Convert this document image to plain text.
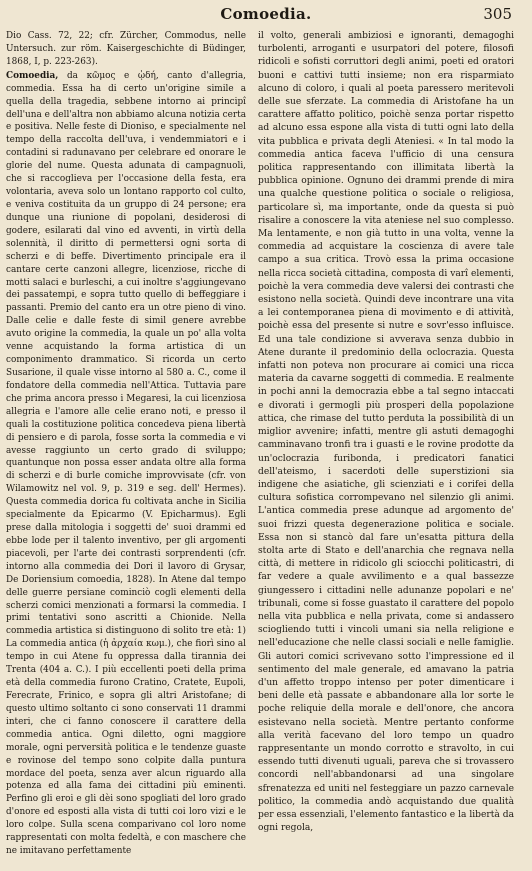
Comoedia.	305

Dio Cass. 72, 22; cfr. Zürcher, Commodus, nelle Untersuch. zur röm. Kaisergeschichte di Büdinger, 1868, I, p. 223-263).

Comoedia, da κῶμος e ᾠδή, canto d'allegria, commedia. Essa ha di certo un'origine simile a quella della tragedia, sebbene intorno ai principî dell'una e dell'altra non abbiamo alcuna notizia certa e positiva. Nelle feste di Dioniso, e specialmente nel tempo della raccolta dell'uva, i vendemmiatori e i contadini si radunavano per celebrare ed onorare le glorie del nume. Questa adunata di campagnuoli, che si raccoglieva per l'occasione della festa, era volontaria, aveva solo un lontano rapporto col culto, e veniva costituita da un gruppo di 24 persone; era dunque una riunione di popolani, desiderosi di godere, esilarati dal vino ed avventi, in virtù della solennità, il diritto di permettersi ogni sorta di scherzi e di beffe. Divertimento principale era il cantare certe canzoni allegre, licenziose, ricche di motti salaci e burleschi, a cui inoltre s'aggiungevano dei passatempi, e sopra tutto quello di beffeggiare i passanti. Premio del canto era un otre pieno di vino. Dalle celie e dalle feste di simil genere avrebbe avuto origine la commedia, la quale un po' alla volta venne acquistando la forma artistica di un componimento drammatico. Si ricorda un certo Susarione, il quale visse intorno al 580 a. C., come il fondatore della commedia nell'Attica. Tuttavia pare che prima ancora presso i Megaresi, la cui licenziosa allegria e l'amore alle celie erano noti, e presso il quali la costituzione politica concedeva piena libertà di pensiero e di parola, fosse sorta la commedia e vi avesse raggiunto un certo grado di sviluppo; quantunque non possa esser andata oltre alla forma di scherzi e di burle comiche improvvisate (cfr. von Wilamowitz nel vol. 9, p. 319 e seg. dell' Hermes). Questa commedia dorica fu coltivata anche in Sicilia specialmente da Epicarmo (V. Epicharmus). Egli prese dalla mitologia i soggetti de' suoi drammi ed ebbe lode per il talento inventivo, per gli argomenti piacevoli, per l'arte dei contrasti sorprendenti (cfr. intorno alla commedia dei Dori il lavoro di Grysar, De Doriensium comoedia, 1828). In Atene dal tempo delle guerre persiane cominciò cogli elementi della scherzi comici menzionati a formarsi la commedia. I primi tentativi sono ascritti a Chionide. Nella commedia artistica si distinguono di solito tre età: 1) La commedia antica (ἡ ἀρχαία κωμ.), che fiorì sino al tempo in cui Atene fu oppressa dalla tirannia dei Trenta (404 a. C.). I più eccellenti poeti della prima età della commedia furono Cratino, Cratete, Eupoli, Ferecrate, Frinico, e sopra gli altri Aristofane; di questo ultimo soltanto ci sono conservati 11 drammi interi, che ci fanno conoscere il carattere della commedia antica. Ogni diletto, ogni maggiore morale, ogni perversità politica e le tendenze guaste e rovinose del tempo sono colpite dalla puntura mordace del poeta, senza aver alcun riguardo alla potenza ed alla fama dei cittadini più eminenti. Perfino gli eroi e gli dèi sono spogliati del loro grado d'onore ed esposti alla vista di tutti coi loro vizi e le loro colpe. Sulla scena comparivano col loro nome rappresentati con molta fedeltà, e con maschere che ne imitavano perfettamente

il volto, generali ambiziosi e ignoranti, demagoghi turbolenti, arroganti e usurpatori del potere, filosofi ridicoli e sofisti corruttori degli animi, poeti ed oratori buoni e cattivi tutti insieme; non era risparmiato alcuno di coloro, i quali al poeta paressero meritevoli delle sue sferzate. La commedia di Aristofane ha un carattere affatto politico, poichè senza portar rispetto ad alcuno essa espone alla vista di tutti ogni lato della vita pubblica e privata degli Ateniesi. « In tal modo la commedia antica faceva l'ufficio di una censura politica rappresentando con illimitata libertà la pubblica opinione. Ognuno dei drammi prende di mira una qualche questione politica o sociale o religiosa, particolare sì, ma importante, onde da questa si può risalire a conoscere la vita ateniese nel suo complesso. Ma lentamente, e non già tutto in una volta, venne la commedia ad acquistare la coscienza di avere tale campo a sua critica. Trovò essa la prima occasione nella ricca società cittadina, composta di varî elementi, poichè la vera commedia deve valersi dei contrasti che esistono nella società. Quindi deve incontrare una vita a lei contemporanea piena di movimento e di attività, poichè essa del presente si nutre e sovr'esso influisce. Ed una tale condizione si avverava senza dubbio in Atene durante il predominio della oclocrazia. Questa infatti non poteva non procurare ai comici una ricca materia da cavarne soggetti di commedia. E realmente in pochi anni la democrazia ebbe a tal segno intaccati e divorati i germogli più prosperi della popolazione attica, che rimase del tutto perduta la possibilità di un miglior avvenire; infatti, mentre gli astuti demagoghi camminavano tronfi tra i guasti e le rovine prodotte da un'oclocrazia furibonda, i predicatori fanatici dell'ateismo, i sacerdoti delle superstizioni sia indigene che asiatiche, gli scienziati e i corifei della cultura sofistica corrompevano nel silenzio gli animi. L'antica commedia prese adunque ad argomento de' suoi frizzi questa degenerazione politica e sociale. Essa non si stancò dal fare un'esatta pittura della stolta arte di Stato e dell'anarchia che regnava nella città, di mettere in ridicolo gli sciocchi politicastri, di far vedere a quale avvilimento e a qual bassezze giungessero i cittadini nelle adunanze popolari e ne' tribunali, come si fosse guastato il carattere del popolo nella vita pubblica e nella privata, come si andassero sciogliendo tutti i vincoli umani sia nella religione e nell'educazione che nelle classi sociali e nelle famiglie. Gli autori comici scrivevano sotto l'impressione ed il sentimento del male generale, ed amavano la patria d'un affetto troppo intenso per poter dimenticare i beni delle età passate e abbandonare alla lor sorte le poche reliquie della morale e dell'onore, che ancora esistevano nella società. Mentre pertanto conforme alla verità facevano del loro tempo un quadro rappresentante un mondo corrotto e stravolto, in cui essendo tutti divenuti uguali, pareva che si trovassero concordi nell'abbandonarsi ad una singolare sfrenatezza ed uniti nel festeggiare un pazzo carnevale politico, la commedia andò acquistando due qualità per essa essenziali, l'elemento fantastico e la libertà da ogni regola,
